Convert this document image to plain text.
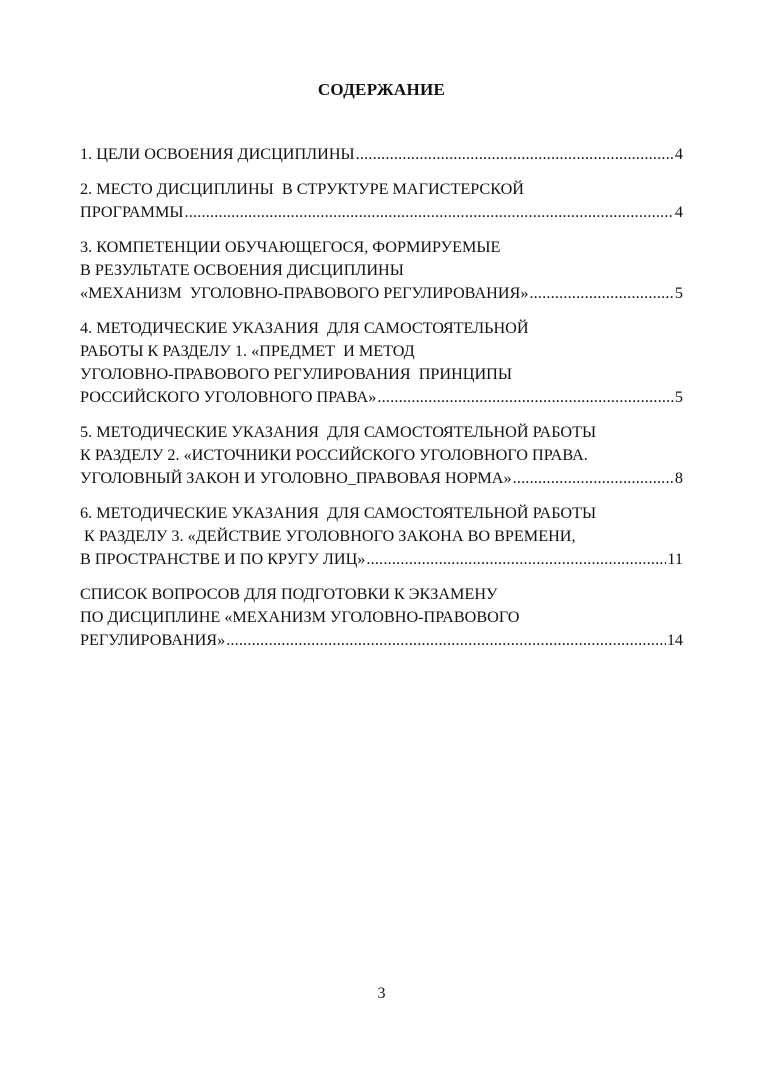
СОДЕРЖАНИЕ
1. ЦЕЛИ ОСВОЕНИЯ ДИСЦИПЛИНЫ .....	4
2. МЕСТО ДИСЦИПЛИНЫ  В СТРУКТУРЕ МАГИСТЕРСКОЙ
ПРОГРАММЫ .....	4
3. КОМПЕТЕНЦИИ ОБУЧАЮЩЕГОСЯ, ФОРМИРУЕМЫЕ
В РЕЗУЛЬТАТЕ ОСВОЕНИЯ ДИСЦИПЛИНЫ
«МЕХАНИЗМ  УГОЛОВНО-ПРАВОВОГО РЕГУЛИРОВАНИЯ» .....	5
4. МЕТОДИЧЕСКИЕ УКАЗАНИЯ  ДЛЯ САМОСТОЯТЕЛЬНОЙ
РАБОТЫ К РАЗДЕЛУ 1. «ПРЕДМЕТ  И МЕТОД
УГОЛОВНО-ПРАВОВОГО РЕГУЛИРОВАНИЯ  ПРИНЦИПЫ
РОССИЙСКОГО УГОЛОВНОГО ПРАВА» .....	5
5. МЕТОДИЧЕСКИЕ УКАЗАНИЯ  ДЛЯ САМОСТОЯТЕЛЬНОЙ РАБОТЫ
К РАЗДЕЛУ 2. «ИСТОЧНИКИ РОССИЙСКОГО УГОЛОВНОГО ПРАВА.
УГОЛОВНЫЙ ЗАКОН И УГОЛОВНО_ПРАВОВАЯ НОРМА» .....	8
6. МЕТОДИЧЕСКИЕ УКАЗАНИЯ  ДЛЯ САМОСТОЯТЕЛЬНОЙ РАБОТЫ
К РАЗДЕЛУ 3. «ДЕЙСТВИЕ УГОЛОВНОГО ЗАКОНА ВО ВРЕМЕНИ,
В ПРОСТРАНСТВЕ И ПО КРУГУ ЛИЦ» .....	11
СПИСОК ВОПРОСОВ ДЛЯ ПОДГОТОВКИ К ЭКЗАМЕНУ
ПО ДИСЦИПЛИНЕ «МЕХАНИЗМ УГОЛОВНО-ПРАВОВОГО
РЕГУЛИРОВАНИЯ» .....	14

3
